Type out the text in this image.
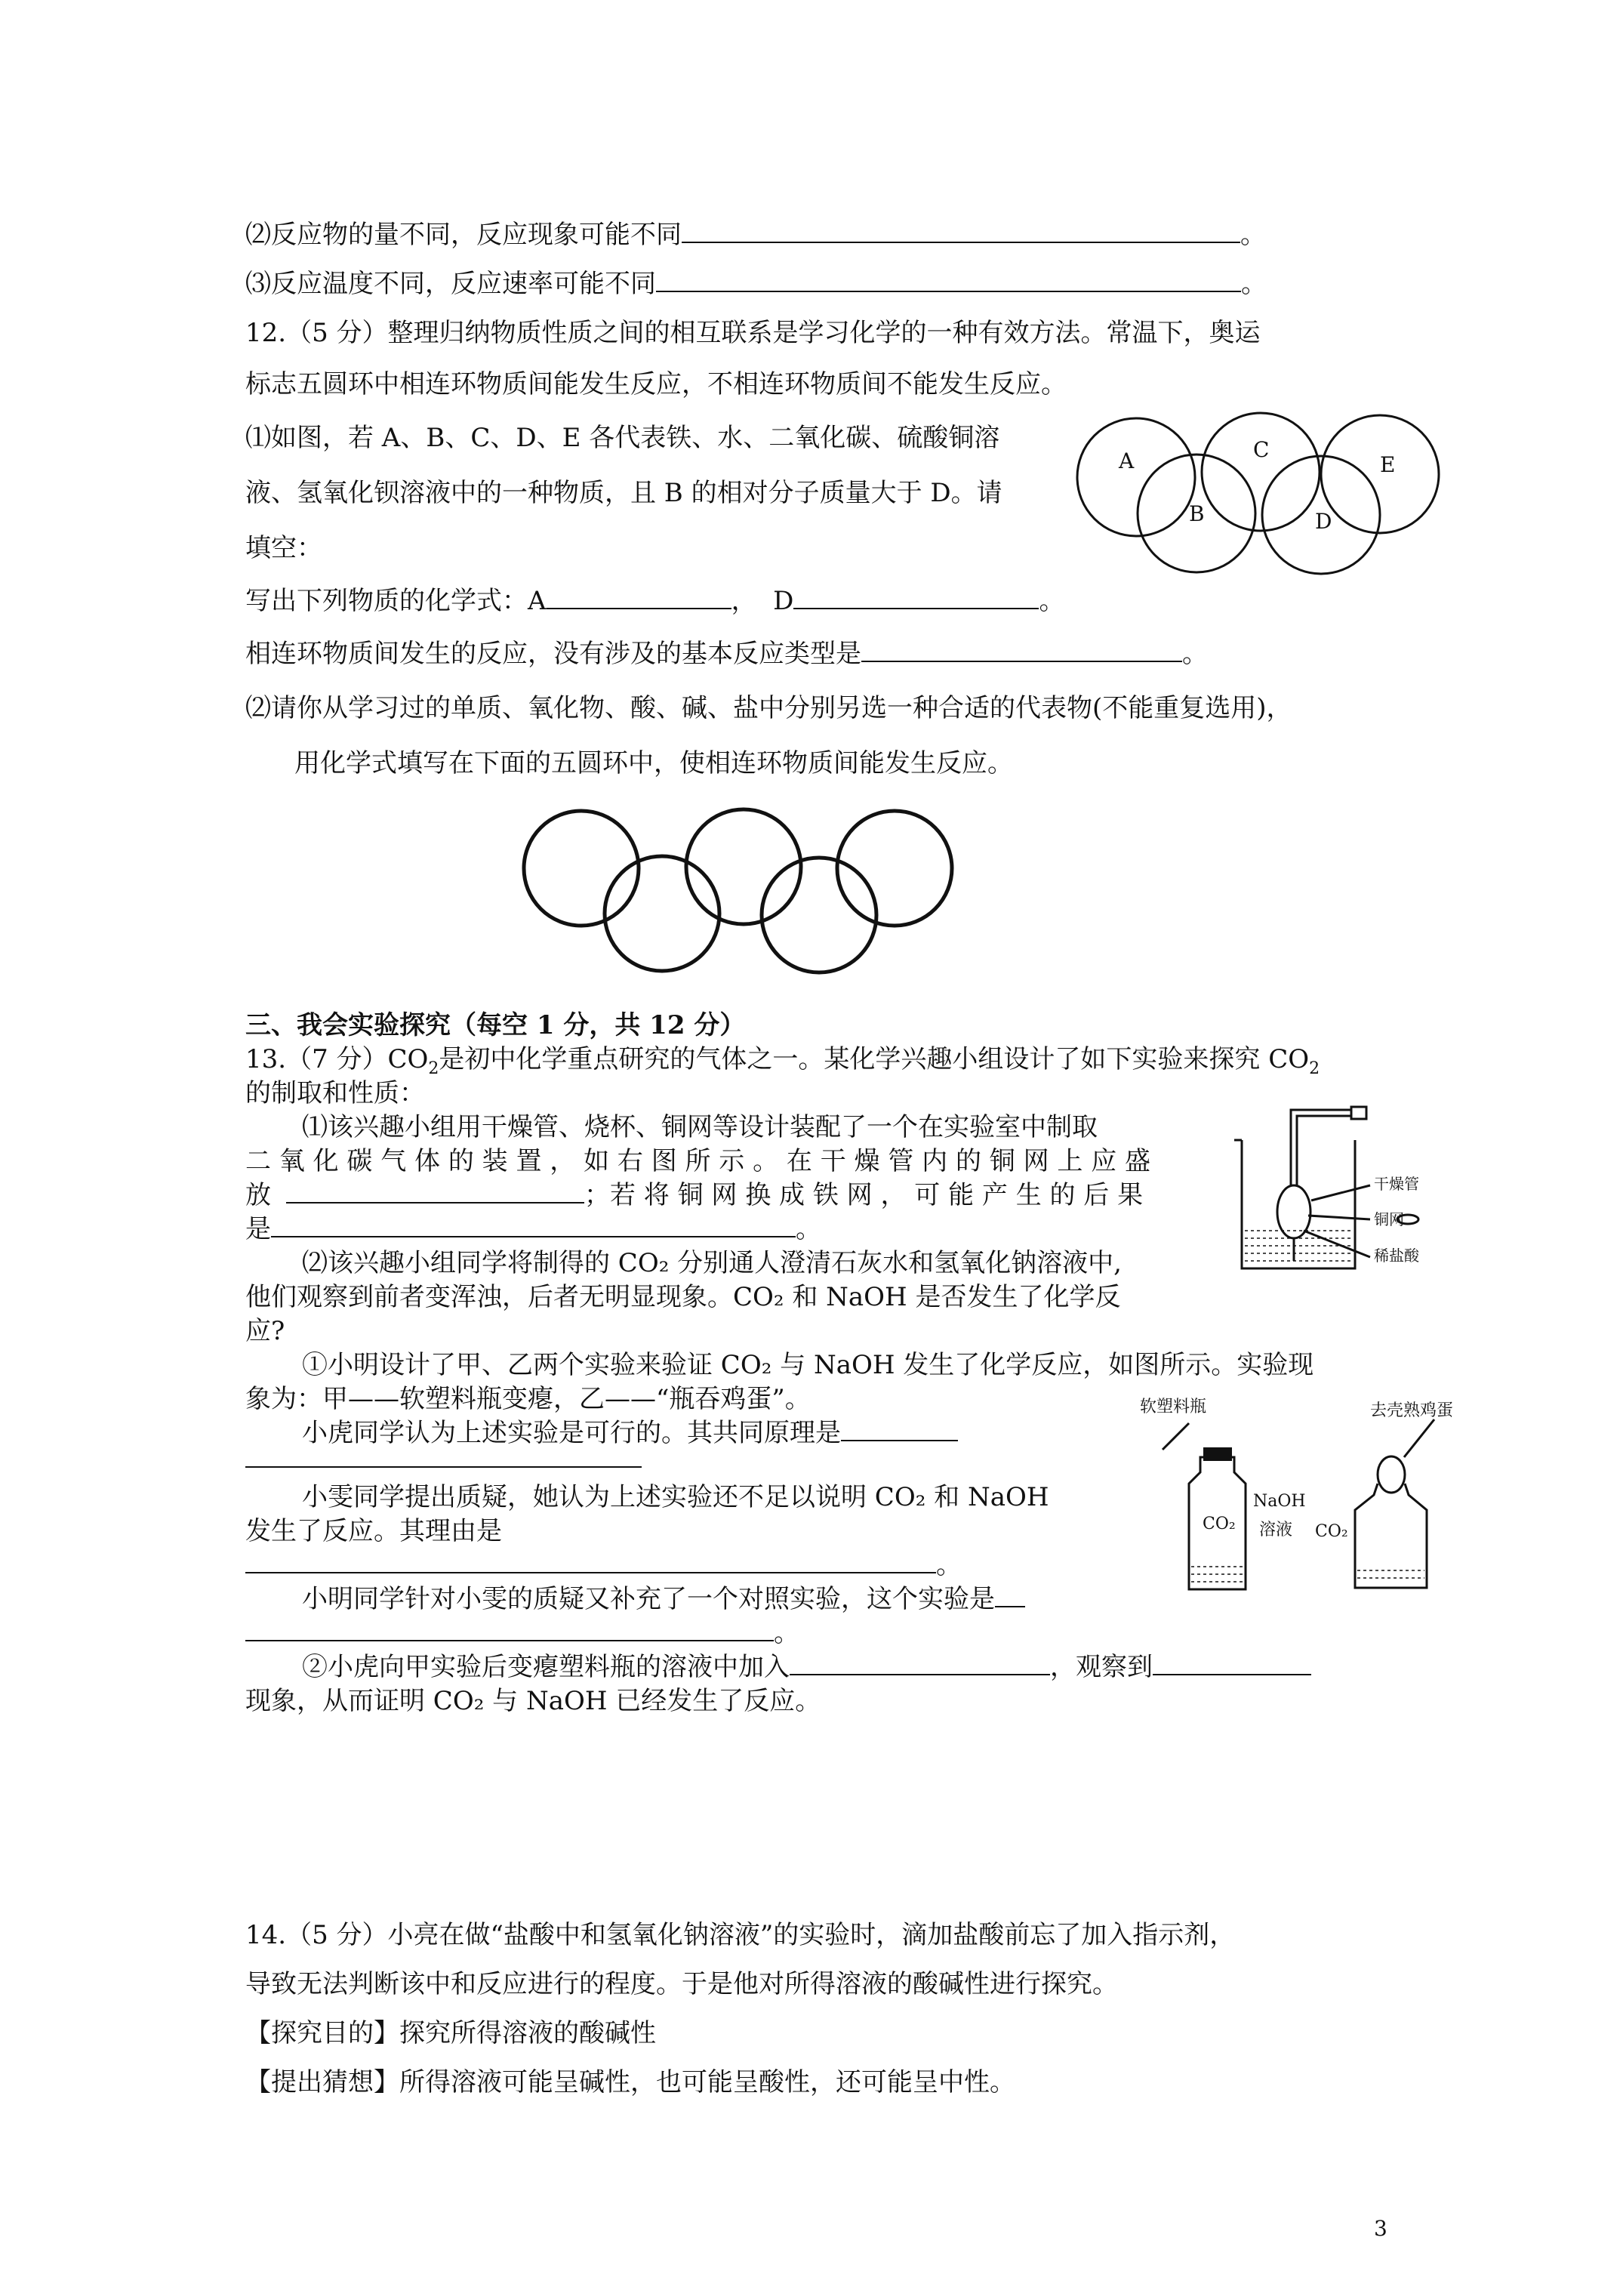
⑵反应物的量不同，反应现象可能不同	。
⑶反应温度不同，反应速率可能不同	。
12.（5 分）整理归纳物质性质之间的相互联系是学习化学的一种有效方法。常温下，奥运
标志五圆环中相连环物质间能发生反应，不相连环物质间不能发生反应。
⑴如图，若 A、B、C、D、E 各代表铁、水、二氧化碳、硫酸铜溶
液、氢氧化钡溶液中的一种物质，且 B 的相对分子质量大于 D。请
填空：
A
B
C
D
E
写出下列物质的化学式：A	，  D	。
相连环物质间发生的反应，没有涉及的基本反应类型是	。
⑵请你从学习过的单质、氧化物、酸、碱、盐中分别另选一种合适的代表物(不能重复选用)，
用化学式填写在下面的五圆环中，使相连环物质间能发生反应。
三、我会实验探究（每空 1 分，共 12 分）
13.（7 分）$CO_2$是初中化学重点研究的气体之一。某化学兴趣小组设计了如下实验来探究 $CO_2$
的制取和性质：
⑴该兴趣小组用干燥管、烧杯、铜网等设计装配了一个在实验室中制取
二 氧 化 碳 气 体 的 装 置 ， 如 右 图 所 示 。 在 干 燥 管 内 的 铜 网 上 应 盛
放	；若 将 铜 网 换 成 铁 网 ， 可 能 产 生 的 后 果
是	。
⑵该兴趣小组同学将制得的 CO₂ 分别通人澄清石灰水和氢氧化钠溶液中,
他们观察到前者变浑浊，后者无明显现象。CO₂ 和 NaOH 是否发生了化学反
应?
干燥管
铜网
稀盐酸
①小明设计了甲、乙两个实验来验证 CO₂ 与 NaOH 发生了化学反应，如图所示。实验现
象为：甲——软塑料瓶变瘪，乙——“瓶吞鸡蛋”。
小虎同学认为上述实验是可行的。其共同原理是
小雯同学提出质疑，她认为上述实验还不足以说明 CO₂ 和 NaOH
发生了反应。其理由是
。
小明同学针对小雯的质疑又补充了一个对照实验，这个实验是
。
软塑料瓶	去壳熟鸡蛋
NaOH
溶液
CO₂	CO₂
②小虎向甲实验后变瘪塑料瓶的溶液中加入	，观察到
现象，从而证明 CO₂ 与 NaOH 已经发生了反应。
14.（5 分）小亮在做“盐酸中和氢氧化钠溶液”的实验时，滴加盐酸前忘了加入指示剂，
导致无法判断该中和反应进行的程度。于是他对所得溶液的酸碱性进行探究。
【探究目的】探究所得溶液的酸碱性
【提出猜想】所得溶液可能呈碱性，也可能呈酸性，还可能呈中性。
3
